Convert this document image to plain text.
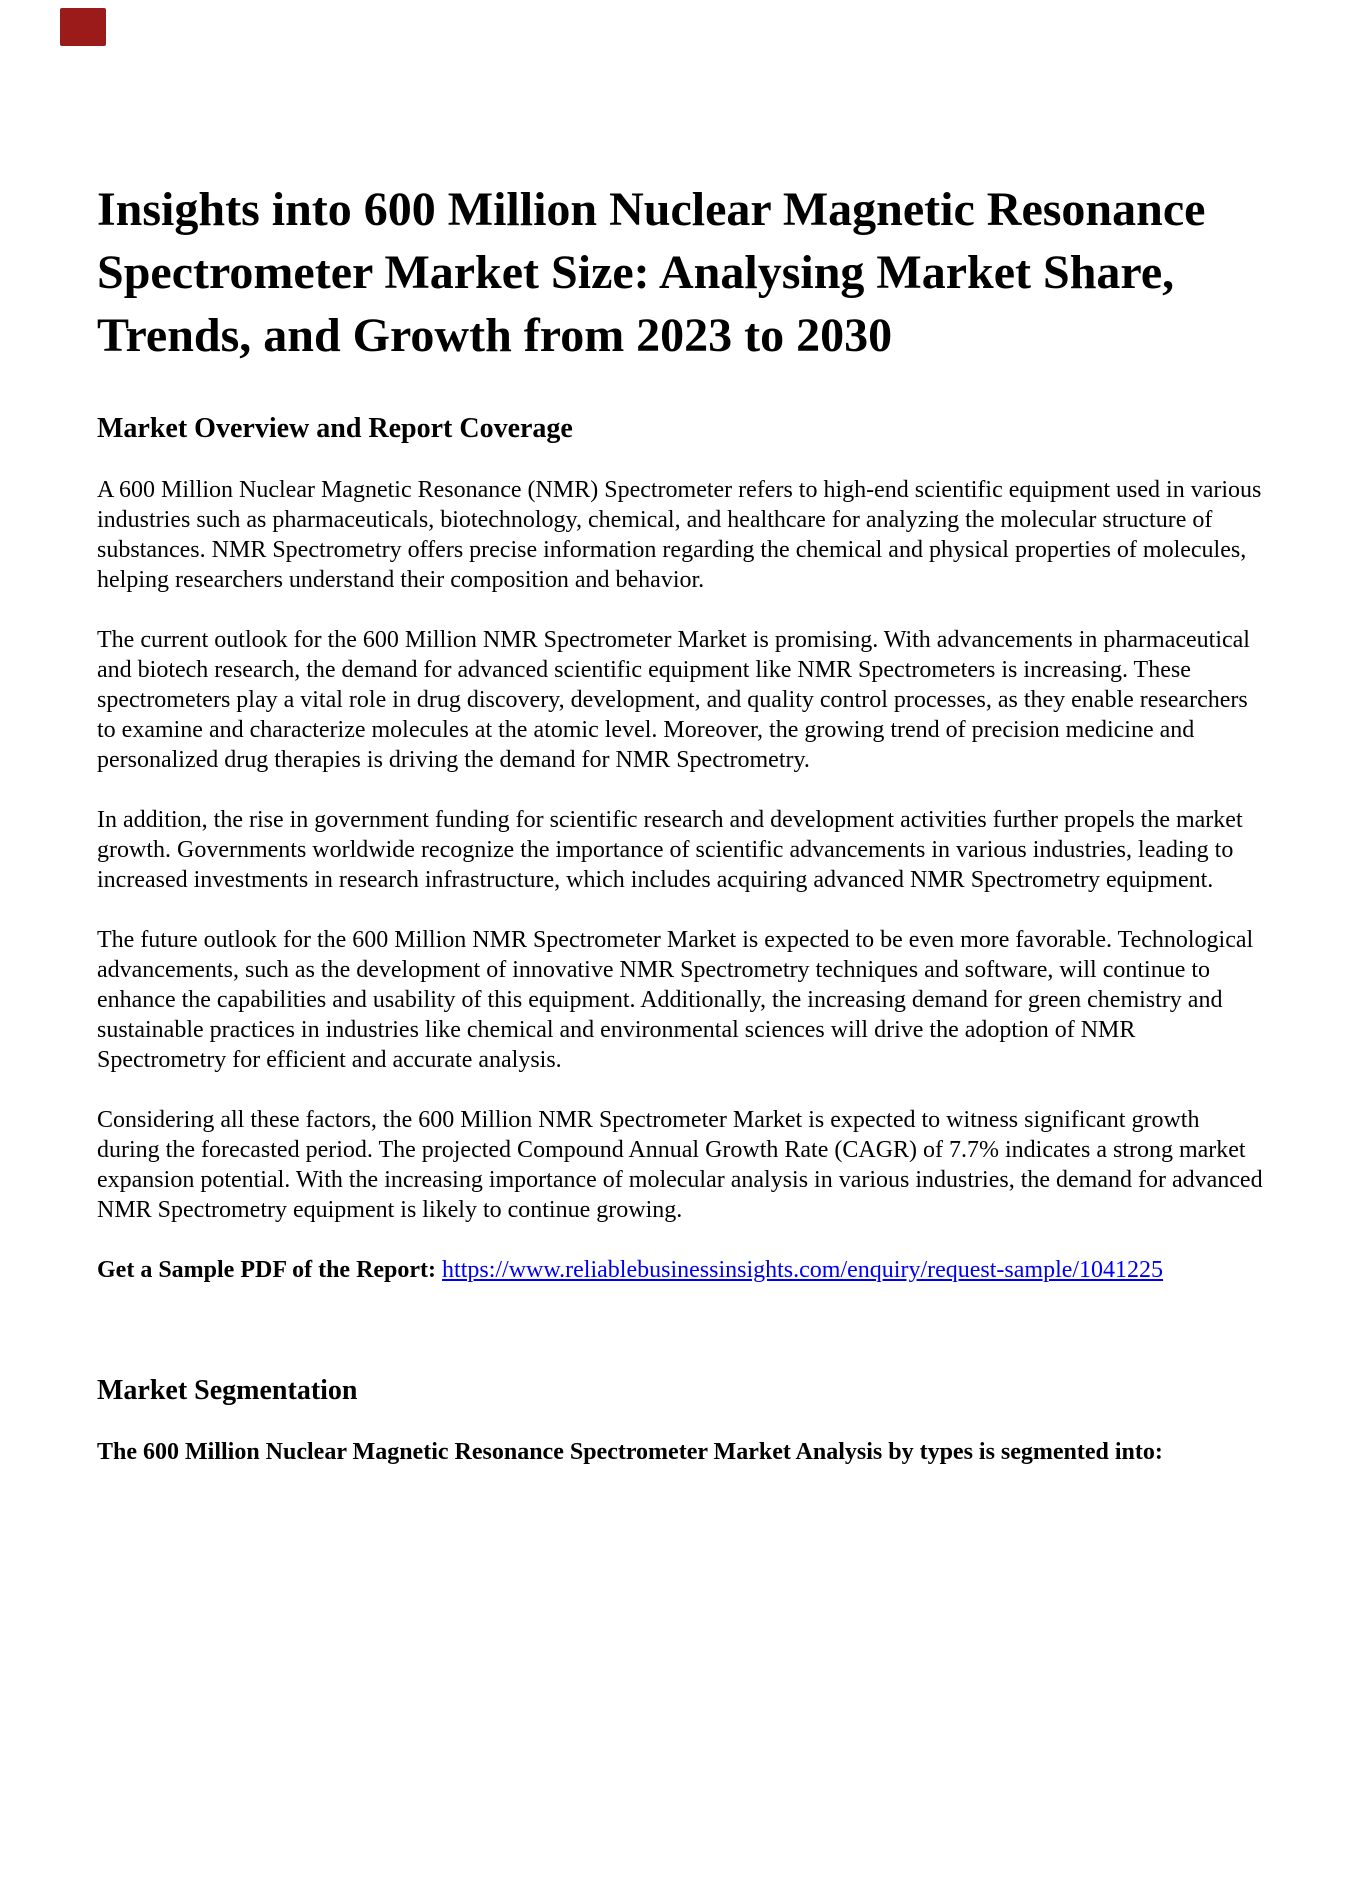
Insights into 600 Million Nuclear Magnetic Resonance Spectrometer Market Size: Analysing Market Share, Trends, and Growth from 2023 to 2030
Market Overview and Report Coverage

A 600 Million Nuclear Magnetic Resonance (NMR) Spectrometer refers to high-end scientific equipment used in various industries such as pharmaceuticals, biotechnology, chemical, and healthcare for analyzing the molecular structure of substances. NMR Spectrometry offers precise information regarding the chemical and physical properties of molecules, helping researchers understand their composition and behavior.

The current outlook for the 600 Million NMR Spectrometer Market is promising. With advancements in pharmaceutical and biotech research, the demand for advanced scientific equipment like NMR Spectrometers is increasing. These spectrometers play a vital role in drug discovery, development, and quality control processes, as they enable researchers to examine and characterize molecules at the atomic level. Moreover, the growing trend of precision medicine and personalized drug therapies is driving the demand for NMR Spectrometry.

In addition, the rise in government funding for scientific research and development activities further propels the market growth. Governments worldwide recognize the importance of scientific advancements in various industries, leading to increased investments in research infrastructure, which includes acquiring advanced NMR Spectrometry equipment.

The future outlook for the 600 Million NMR Spectrometer Market is expected to be even more favorable. Technological advancements, such as the development of innovative NMR Spectrometry techniques and software, will continue to enhance the capabilities and usability of this equipment. Additionally, the increasing demand for green chemistry and sustainable practices in industries like chemical and environmental sciences will drive the adoption of NMR Spectrometry for efficient and accurate analysis.

Considering all these factors, the 600 Million NMR Spectrometer Market is expected to witness significant growth during the forecasted period. The projected Compound Annual Growth Rate (CAGR) of 7.7% indicates a strong market expansion potential. With the increasing importance of molecular analysis in various industries, the demand for advanced NMR Spectrometry equipment is likely to continue growing.

Get a Sample PDF of the Report: https://www.reliablebusinessinsights.com/enquiry/request-sample/1041225

Market Segmentation

The 600 Million Nuclear Magnetic Resonance Spectrometer Market Analysis by types is segmented into:
